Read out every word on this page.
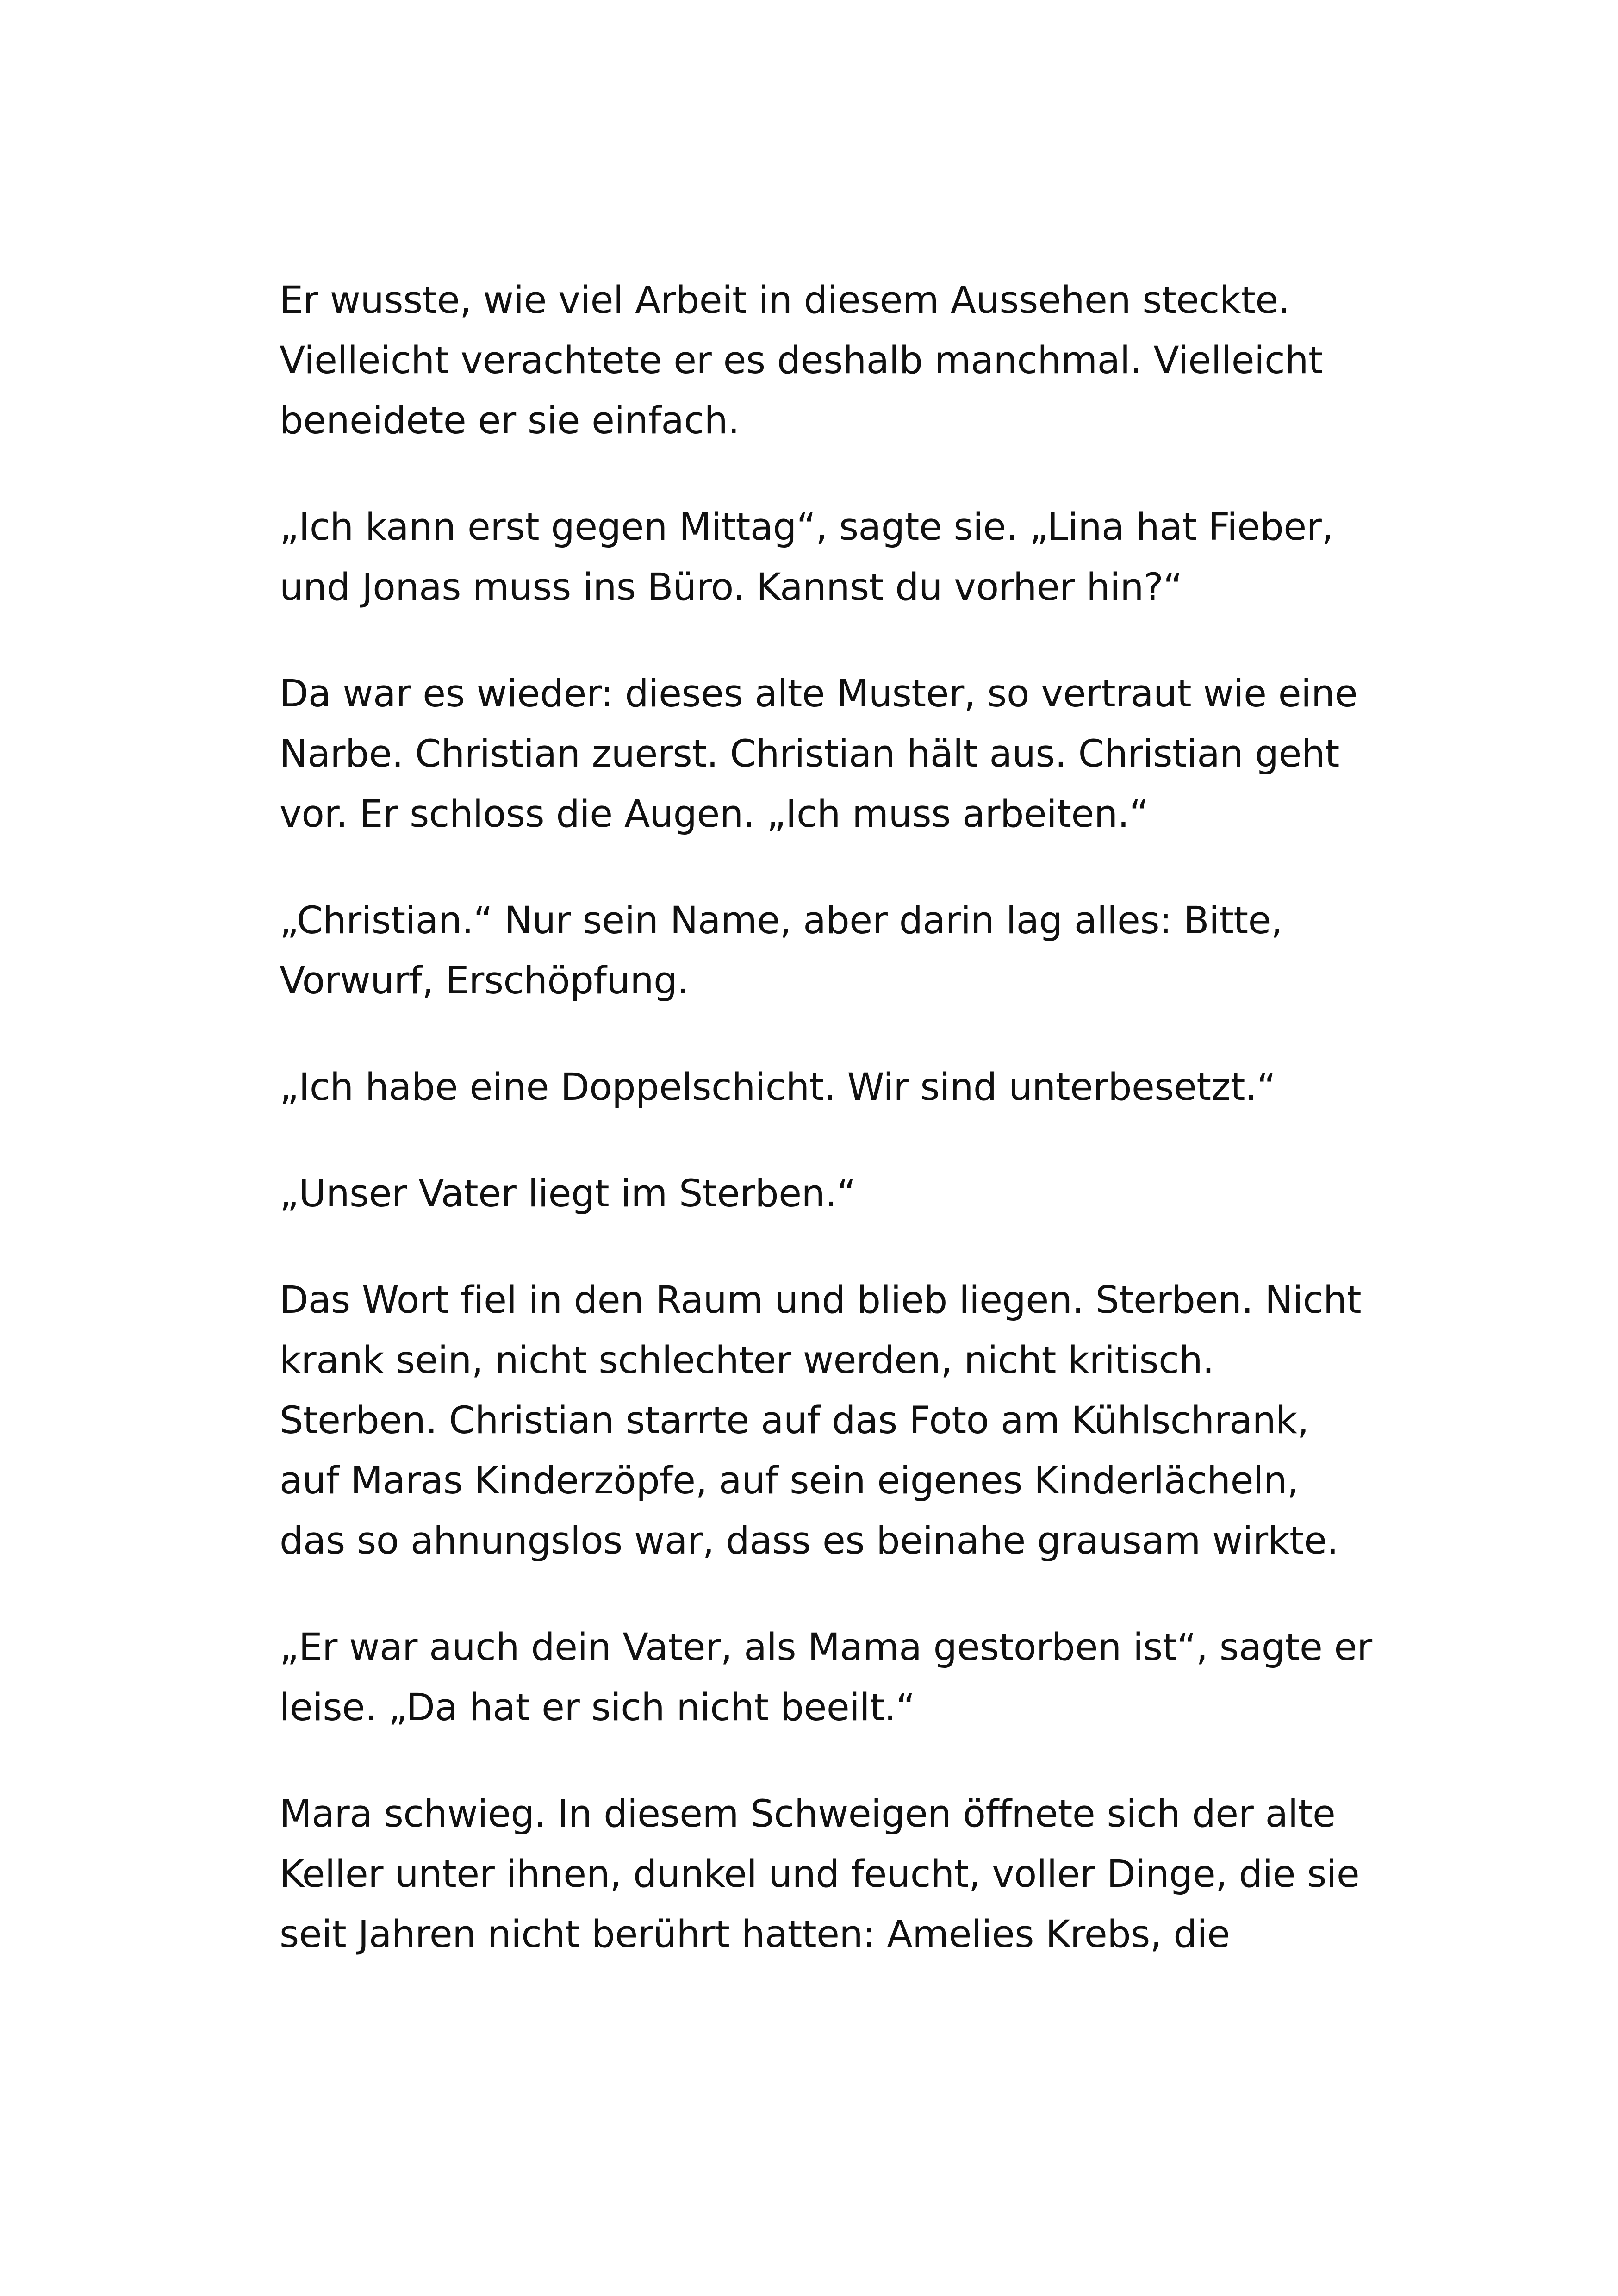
Er wusste, wie viel Arbeit in diesem Aussehen steckte.
Vielleicht verachtete er es deshalb manchmal. Vielleicht
beneidete er sie einfach.
„Ich kann erst gegen Mittag“, sagte sie. „Lina hat Fieber,
und Jonas muss ins Büro. Kannst du vorher hin?“
Da war es wieder: dieses alte Muster, so vertraut wie eine
Narbe. Christian zuerst. Christian hält aus. Christian geht
vor. Er schloss die Augen. „Ich muss arbeiten.“
„Christian.“ Nur sein Name, aber darin lag alles: Bitte,
Vorwurf, Erschöpfung.
„Ich habe eine Doppelschicht. Wir sind unterbesetzt.“
„Unser Vater liegt im Sterben.“
Das Wort fiel in den Raum und blieb liegen. Sterben. Nicht
krank sein, nicht schlechter werden, nicht kritisch.
Sterben. Christian starrte auf das Foto am Kühlschrank,
auf Maras Kinderzöpfe, auf sein eigenes Kinderlächeln,
das so ahnungslos war, dass es beinahe grausam wirkte.
„Er war auch dein Vater, als Mama gestorben ist“, sagte er
leise. „Da hat er sich nicht beeilt.“
Mara schwieg. In diesem Schweigen öffnete sich der alte
Keller unter ihnen, dunkel und feucht, voller Dinge, die sie
seit Jahren nicht berührt hatten: Amelies Krebs, die
